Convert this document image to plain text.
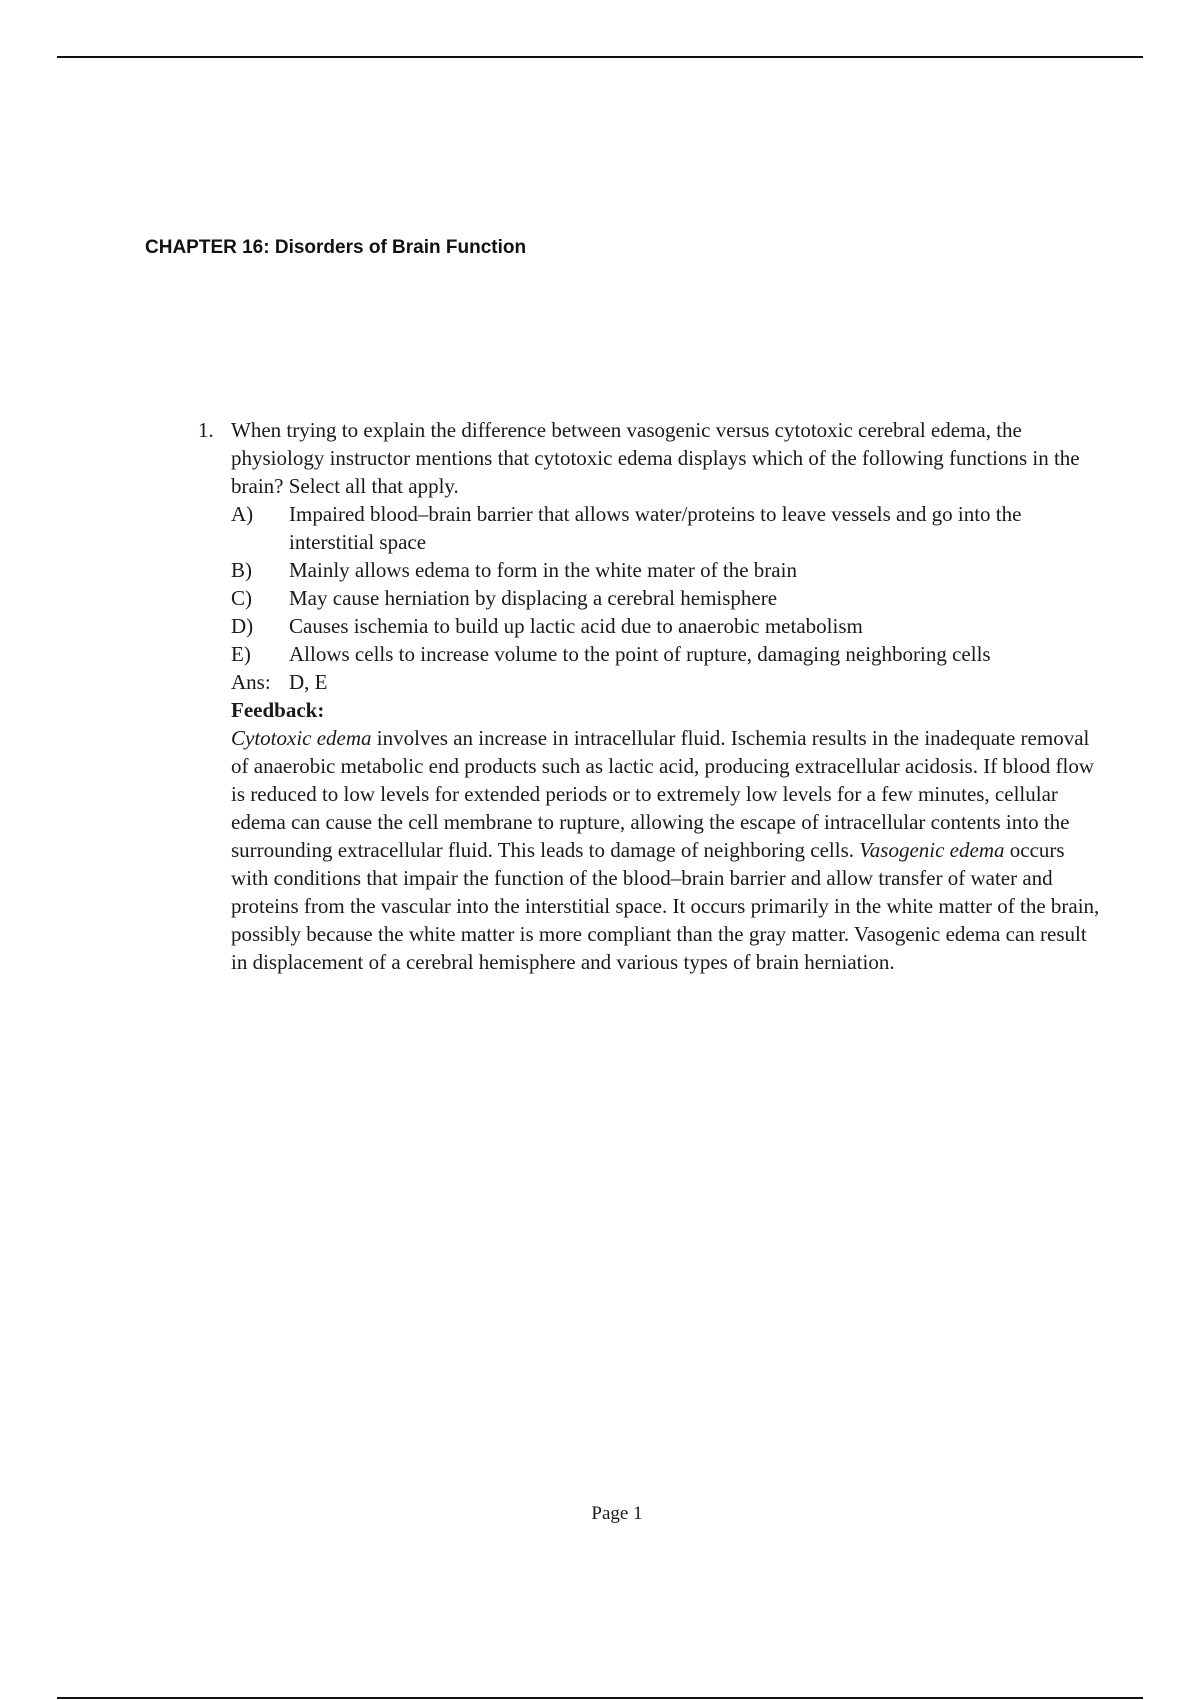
CHAPTER 16: Disorders of Brain Function
1. When trying to explain the difference between vasogenic versus cytotoxic cerebral edema, the physiology instructor mentions that cytotoxic edema displays which of the following functions in the brain? Select all that apply.
A)	Impaired blood–brain barrier that allows water/proteins to leave vessels and go into the interstitial space
B)	Mainly allows edema to form in the white mater of the brain
C)	May cause herniation by displacing a cerebral hemisphere
D)	Causes ischemia to build up lactic acid due to anaerobic metabolism
E)	Allows cells to increase volume to the point of rupture, damaging neighboring cells
Ans: D, E
Feedback:
Cytotoxic edema involves an increase in intracellular fluid. Ischemia results in the inadequate removal of anaerobic metabolic end products such as lactic acid, producing extracellular acidosis. If blood flow is reduced to low levels for extended periods or to extremely low levels for a few minutes, cellular edema can cause the cell membrane to rupture, allowing the escape of intracellular contents into the surrounding extracellular fluid. This leads to damage of neighboring cells. Vasogenic edema occurs with conditions that impair the function of the blood–brain barrier and allow transfer of water and proteins from the vascular into the interstitial space. It occurs primarily in the white matter of the brain, possibly because the white matter is more compliant than the gray matter. Vasogenic edema can result in displacement of a cerebral hemisphere and various types of brain herniation.
Page 1
